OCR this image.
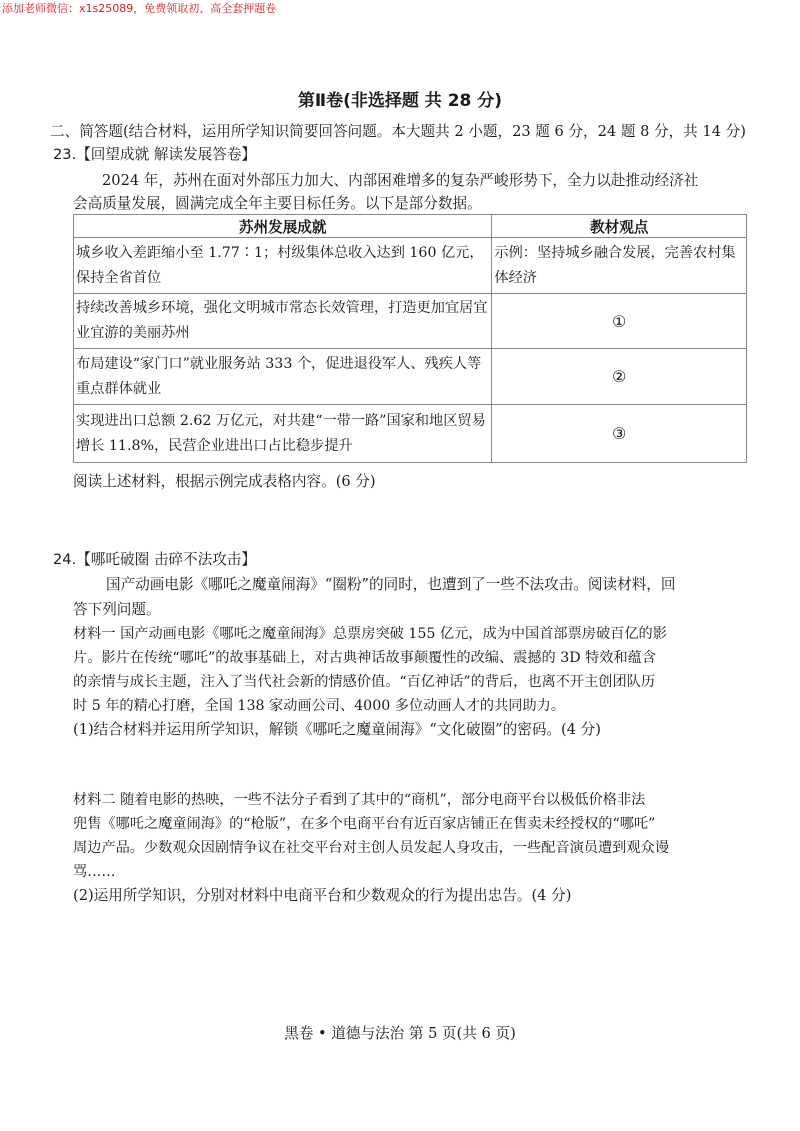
添加老师微信：x1s25089，免费领取初、高全套押题卷
第Ⅱ卷(非选择题 共 28 分)
二、简答题(结合材料，运用所学知识简要回答问题。本大题共 2 小题，23 题 6 分，24 题 8 分，共 14 分)
23.【回望成就 解读发展答卷】
2024 年，苏州在面对外部压力加大、内部困难增多的复杂严峻形势下，全力以赴推动经济社
会高质量发展，圆满完成全年主要目标任务。以下是部分数据。
苏州发展成就	教材观点
城乡收入差距缩小至 1.77∶1；村级集体总收入达到 160 亿元，保持全省首位	示例：坚持城乡融合发展，完善农村集体经济
持续改善城乡环境，强化文明城市常态长效管理，打造更加宜居宜业宜游的美丽苏州	①
布局建设“家门口”就业服务站 333 个，促进退役军人、残疾人等重点群体就业	②
实现进出口总额 2.62 万亿元，对共建“一带一路”国家和地区贸易增长 11.8%，民营企业进出口占比稳步提升	③
阅读上述材料，根据示例完成表格内容。(6 分)
24.【哪吒破圈 击碎不法攻击】
国产动画电影《哪吒之魔童闹海》“圈粉”的同时，也遭到了一些不法攻击。阅读材料，回
答下列问题。
材料一 国产动画电影《哪吒之魔童闹海》总票房突破 155 亿元，成为中国首部票房破百亿的影
片。影片在传统“哪吒”的故事基础上，对古典神话故事颠覆性的改编、震撼的 3D 特效和蕴含
的亲情与成长主题，注入了当代社会新的情感价值。“百亿神话”的背后，也离不开主创团队历
时 5 年的精心打磨，全国 138 家动画公司、4000 多位动画人才的共同助力。
(1)结合材料并运用所学知识，解锁《哪吒之魔童闹海》“文化破圈”的密码。(4 分)
材料二 随着电影的热映，一些不法分子看到了其中的“商机”，部分电商平台以极低价格非法
兜售《哪吒之魔童闹海》的“枪版”，在多个电商平台有近百家店铺正在售卖未经授权的“哪吒”
周边产品。少数观众因剧情争议在社交平台对主创人员发起人身攻击，一些配音演员遭到观众谩
骂……
(2)运用所学知识，分别对材料中电商平台和少数观众的行为提出忠告。(4 分)
黑卷 • 道德与法治 第 5 页(共 6 页)
